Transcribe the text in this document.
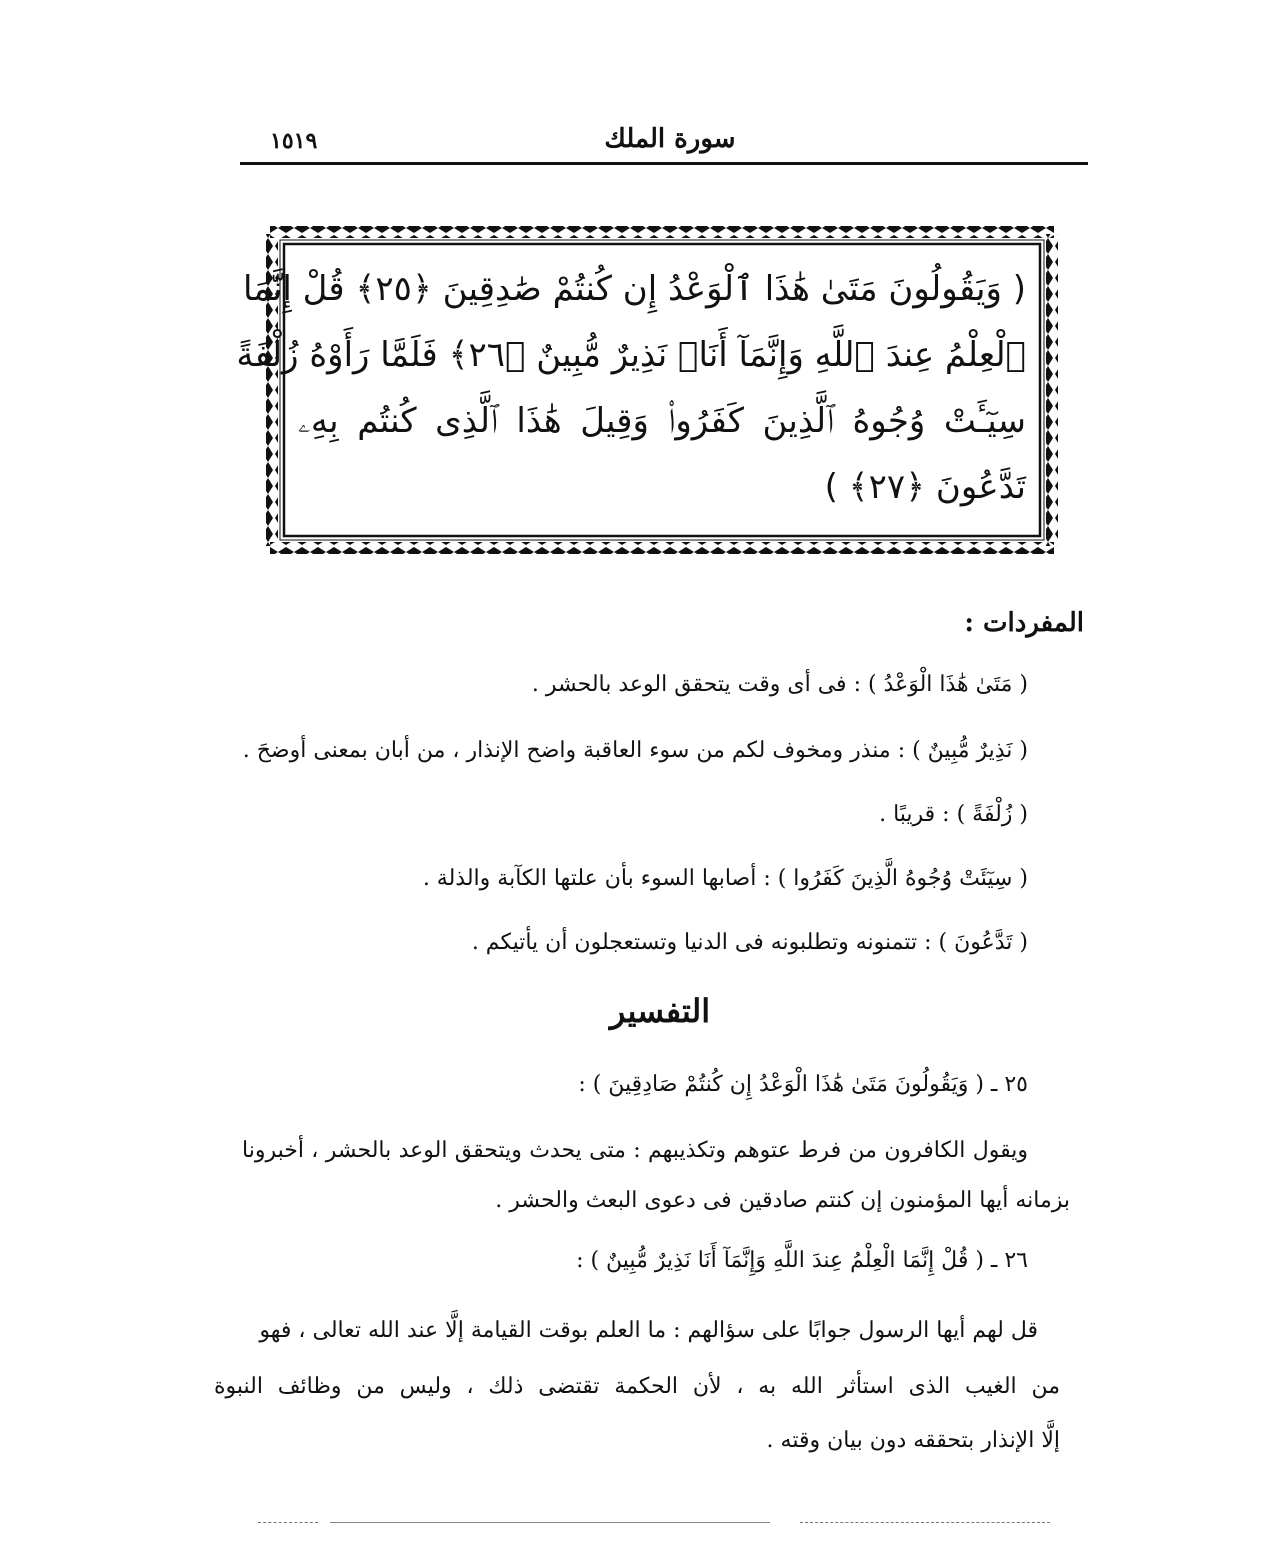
١٥١٩	سورة الملك
( وَيَقُولُونَ مَتَىٰ هَٰذَا ٱلْوَعْدُ إِن كُنتُمْ صَٰدِقِينَ ﴿٢٥﴾ قُلْ إِنَّمَا
ٱلْعِلْمُ عِندَ ٱللَّهِ وَإِنَّمَآ أَنَا۠ نَذِيرٌ مُّبِينٌ ﴿٢٦﴾ فَلَمَّا رَأَوْهُ زُلْفَةً
سِيٓـَٔتْ وُجُوهُ ٱلَّذِينَ كَفَرُوا۟ وَقِيلَ هَٰذَا ٱلَّذِى كُنتُم بِهِۦ
تَدَّعُونَ ﴿٢٧﴾ )
المفردات :
( مَتَىٰ هَٰذَا الْوَعْدُ ) : فى أى وقت يتحقق الوعد بالحشر .
( نَذِيرٌ مُّبِينٌ ) : منذر ومخوف لكم من سوء العاقبة واضح الإنذار ، من أبان بمعنى أوضحَ .
( زُلْفَةً ) : قريبًا .
( سِيٓئَتْ وُجُوهُ الَّذِينَ كَفَرُوا ) : أصابها السوء بأن علتها الكآبة والذلة .
( تَدَّعُونَ ) : تتمنونه وتطلبونه فى الدنيا وتستعجلون أن يأتيكم .
التفسير
٢٥ ـ ( وَيَقُولُونَ مَتَىٰ هَٰذَا الْوَعْدُ إِن كُنتُمْ صَادِقِينَ ) :
ويقول الكافرون من فرط عتوهم وتكذيبهم : متى يحدث ويتحقق الوعد بالحشر ، أخبرونا
بزمانه أيها المؤمنون إن كنتم صادقين فى دعوى البعث والحشر .
٢٦ ـ ( قُلْ إِنَّمَا الْعِلْمُ عِندَ اللَّهِ وَإِنَّمَآ أَنَا نَذِيرٌ مُّبِينٌ ) :
قل لهم أيها الرسول جوابًا على سؤالهم : ما العلم بوقت القيامة إلَّا عند الله تعالى ، فهو
من الغيب الذى استأثر الله به ، لأن الحكمة تقتضى ذلك ، وليس من وظائف النبوة
إلَّا الإنذار بتحققه دون بيان وقته .
